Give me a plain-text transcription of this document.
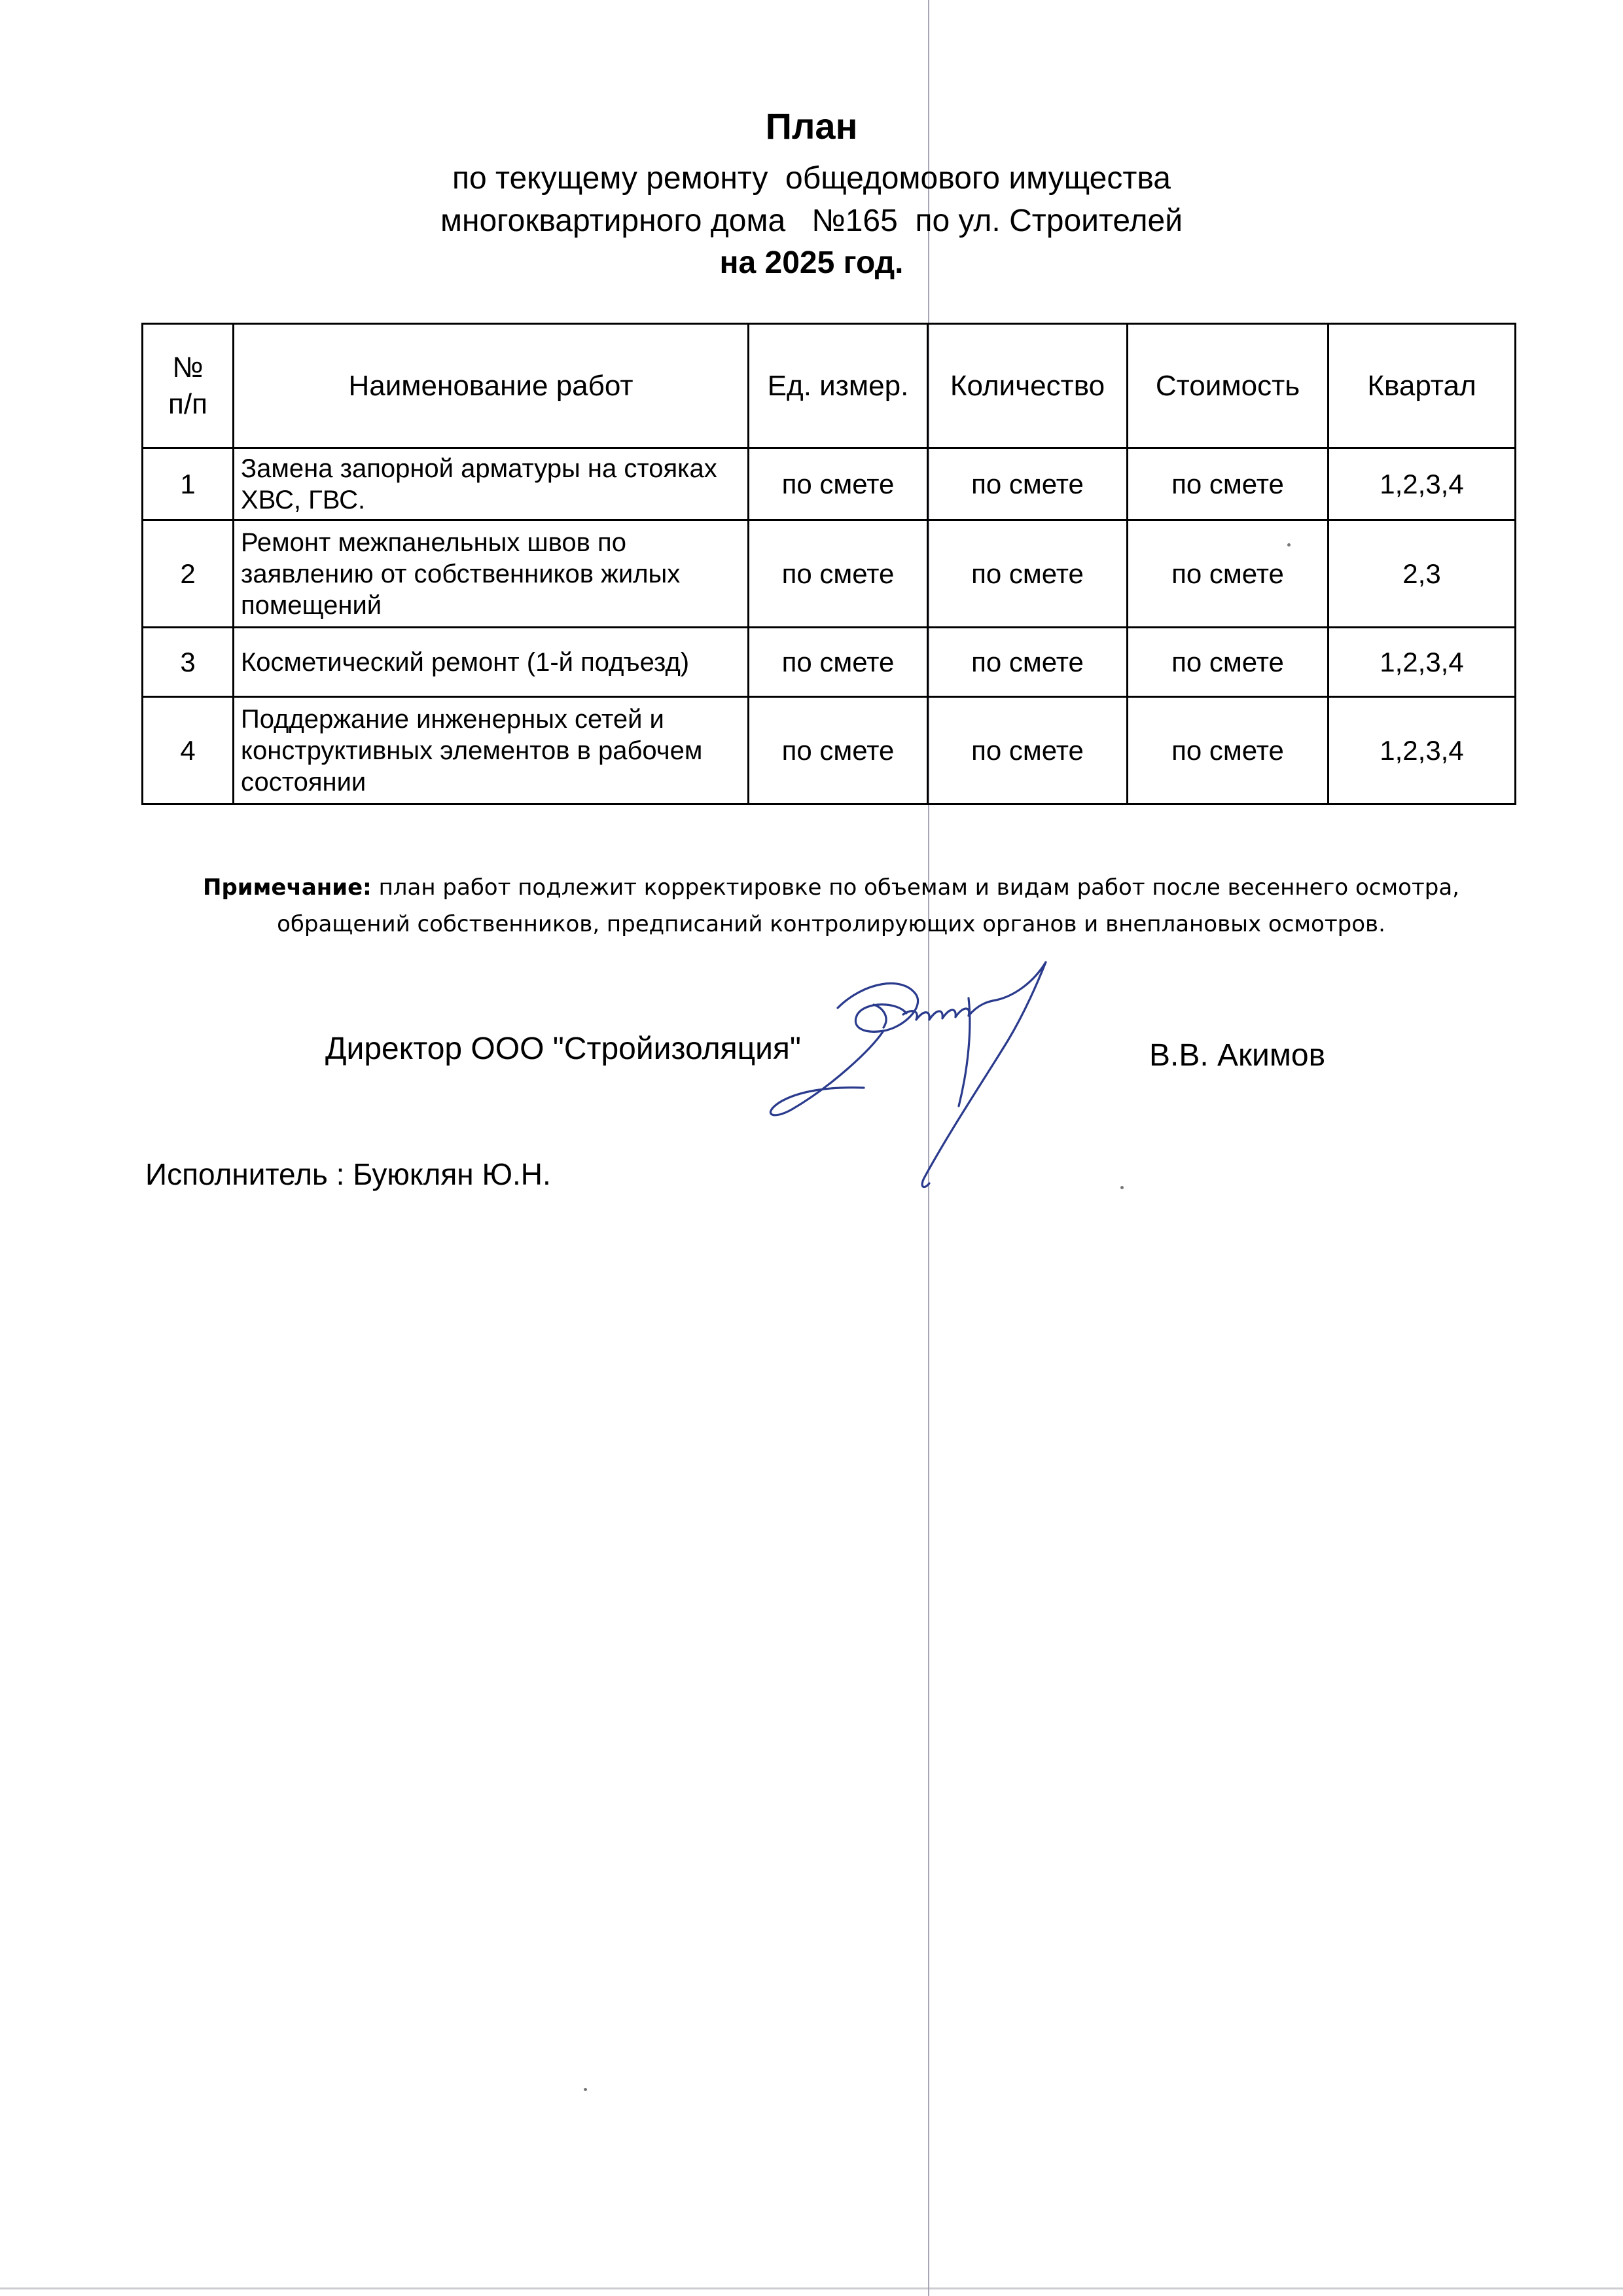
План
по текущему ремонту  общедомового имущества
многоквартирного дома   №165  по ул. Строителей
на 2025 год.
№ п/п	Наименование работ	Ед. измер.	Количество	Стоимость	Квартал
1	Замена запорной арматуры на стояках ХВС, ГВС.	по смете	по смете	по смете	1,2,3,4
2	Ремонт межпанельных швов по заявлению от собственников жилых помещений	по смете	по смете	по смете	2,3
3	Косметический ремонт (1-й подъезд)	по смете	по смете	по смете	1,2,3,4
4	Поддержание инженерных сетей и конструктивных элементов в рабочем состоянии	по смете	по смете	по смете	1,2,3,4
Примечание: план работ подлежит корректировке по объемам и видам работ после весеннего осмотра,
обращений собственников, предписаний контролирующих органов и внеплановых осмотров.
Директор ООО "Стройизоляция"	В.В. Акимов
Исполнитель : Буюклян Ю.Н.
